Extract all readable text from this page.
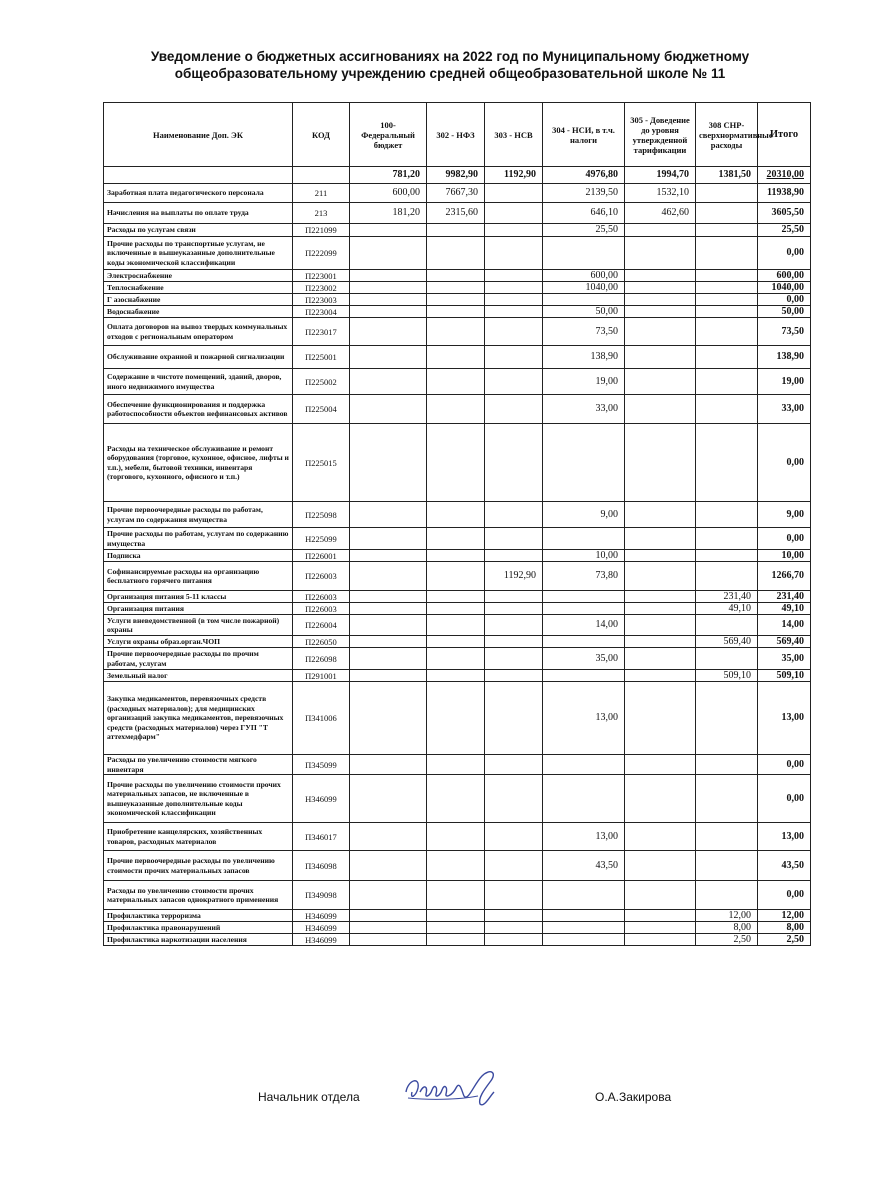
Уведомление о бюджетных ассигнованиях на 2022 год по Муниципальному бюджетному
общеобразовательному учреждению средней общеобразовательной школе № 11
Наименование Доп. ЭК	КОД	100- Федеральный бюджет	302 - НФЗ	303 - НСВ	304 - НСИ, в т.ч. налоги	305 - Доведение до уровня утвержденной тарификации	308 СНР-сверхнормативные расходы	Итого
		781,20	9982,90	1192,90	4976,80	1994,70	1381,50	20310,00
Заработная плата педагогического персонала	211	600,00	7667,30		2139,50	1532,10		11938,90
Начисления на выплаты по оплате труда	213	181,20	2315,60		646,10	462,60		3605,50
Расходы по услугам связи	П221099				25,50			25,50
Прочие расходы по транспортные услугам, не включенные в вышеуказанные дополнительные коды экономической классификации	П222099							0,00
Электроснабжение	П223001				600,00			600,00
Теплоснабжение	П223002				1040,00			1040,00
Г азоснабжение	П223003							0,00
Водоснабжение	П223004				50,00			50,00
Оплата договоров на вывоз твердых коммунальных отходов с региональным оператором	П223017				73,50			73,50
Обслуживание охранной и пожарной сигнализации	П225001				138,90			138,90
Содержание в чистоте помещений, зданий, дворов, иного недвижимого имущества	П225002				19,00			19,00
Обеспечение функционирования и поддержка работоспособности объектов нефинансовых активов	П225004				33,00			33,00
Расходы на техническое обслуживание и ремонт оборудования (торговое, кухонное, офисное, лифты и т.п.), мебели, бытовой техники, инвентаря (торгового, кухонного, офисного и т.п.)	П225015							0,00
Прочие первоочередные расходы по работам, услугам по содержания имущества	П225098				9,00			9,00
Прочие расходы по работам, услугам по содержанию имущества	Н225099							0,00
Подписка	П226001				10,00			10,00
Софинансируемые расходы на организацию бесплатного горячего питания	П226003			1192,90	73,80			1266,70
Организация питания 5-11 классы	П226003						231,40	231,40
Организация питания	П226003						49,10	49,10
Услуги вневедомственной (в том числе пожарной) охраны	П226004				14,00			14,00
Услуги охраны образ.орган.ЧОП	П226050						569,40	569,40
Прочие первоочередные расходы по прочим работам, услугам	П226098				35,00			35,00
Земельный налог	П291001						509,10	509,10
Закупка медикаментов, перевязочных средств (расходных материалов); для медицинских организаций закупка медикаментов, перевязочных средств (расходных материалов) через ГУП "Т аттехмедфарм"	П341006				13,00			13,00
Расходы по увеличению стоимости мягкого инвентаря	П345099							0,00
Прочие расходы по увеличению стоимости прочих материальных запасов, не включенные в вышеуказанные дополнительные коды экономической классификации	Н346099							0,00
Приобретение канцелярских, хозяйственных товаров, расходных материалов	П346017				13,00			13,00
Прочие первоочередные расходы по увеличению стоимости прочих материальных запасов	П346098				43,50			43,50
Расходы по увеличению стоимости прочих материальных запасов однократного применения	П349098							0,00
Профилактика терроризма	Н346099						12,00	12,00
Профилактика правонарушений	Н346099						8,00	8,00
Профилактика наркотизации населения	Н346099						2,50	2,50
Начальник отдела	О.А.Закирова
